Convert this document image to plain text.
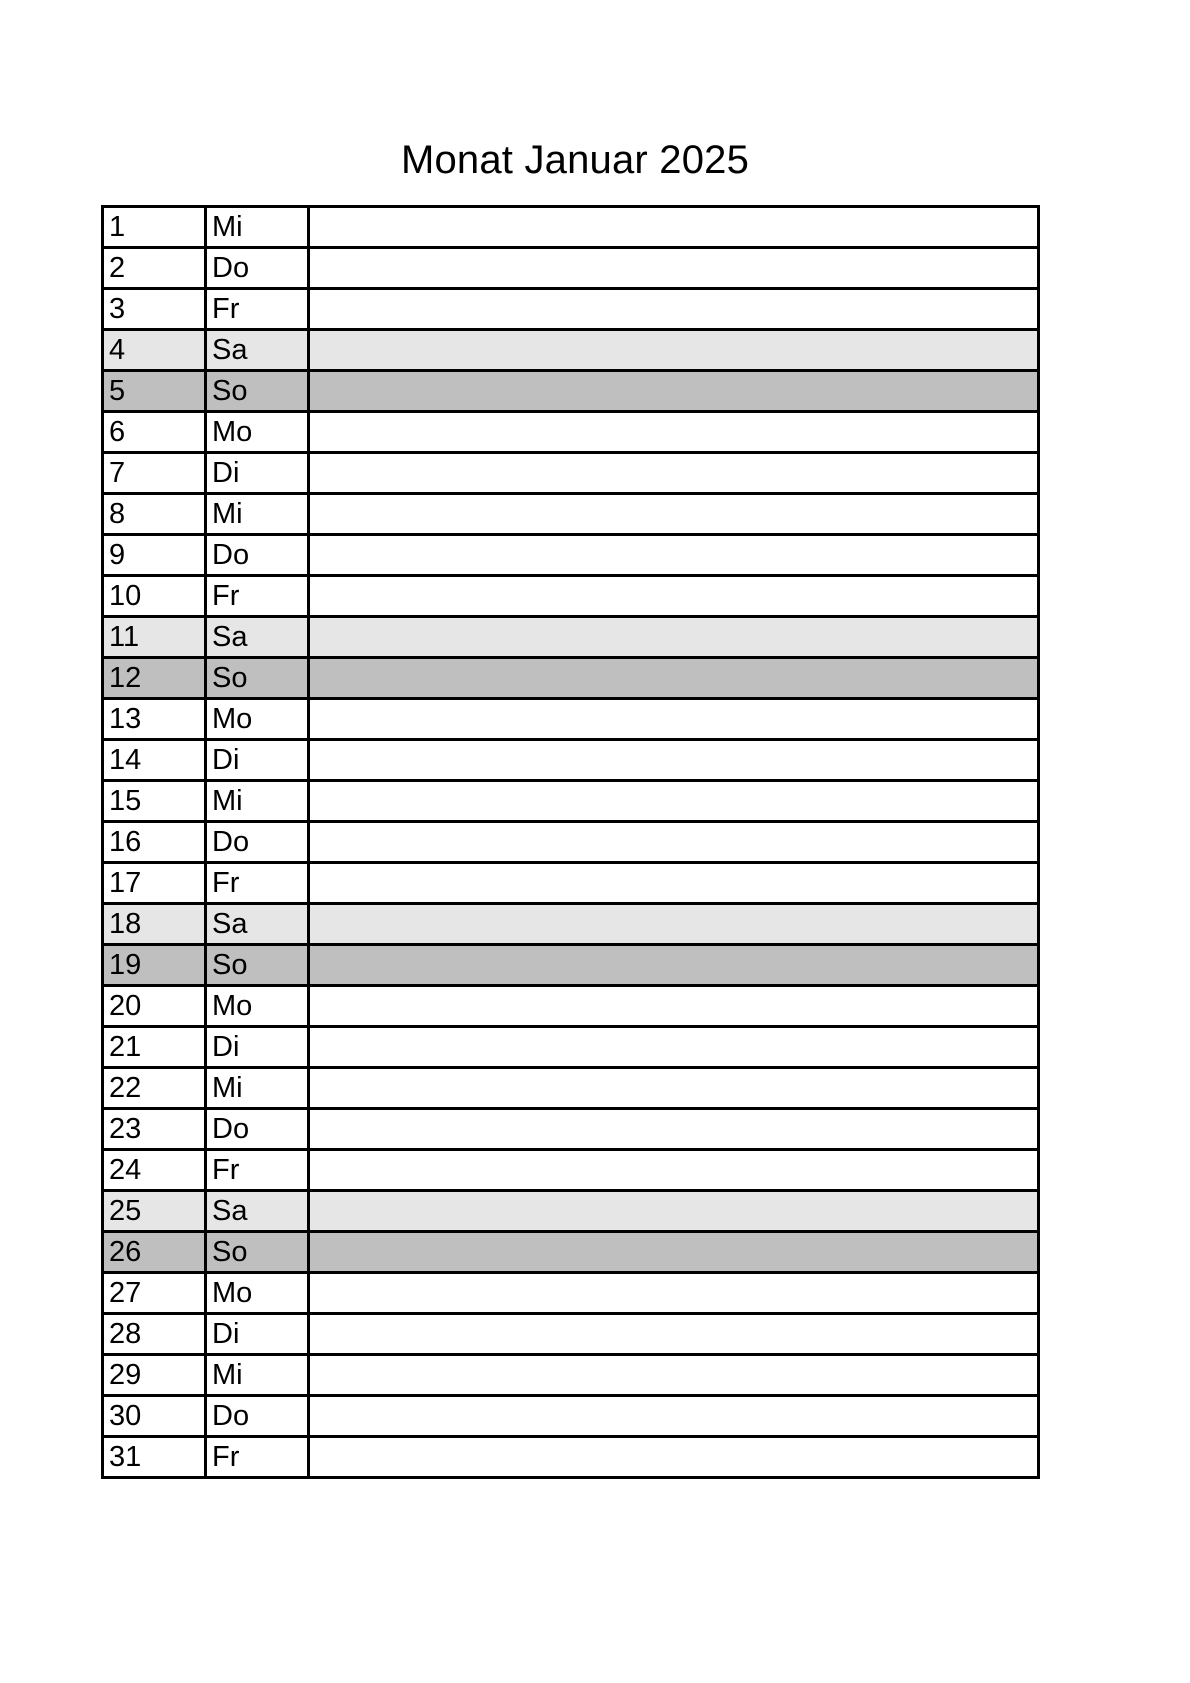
Monat Januar 2025
1	Mi	
2	Do	
3	Fr	
4	Sa	
5	So	
6	Mo	
7	Di	
8	Mi	
9	Do	
10	Fr	
11	Sa	
12	So	
13	Mo	
14	Di	
15	Mi	
16	Do	
17	Fr	
18	Sa	
19	So	
20	Mo	
21	Di	
22	Mi	
23	Do	
24	Fr	
25	Sa	
26	So	
27	Mo	
28	Di	
29	Mi	
30	Do	
31	Fr	
